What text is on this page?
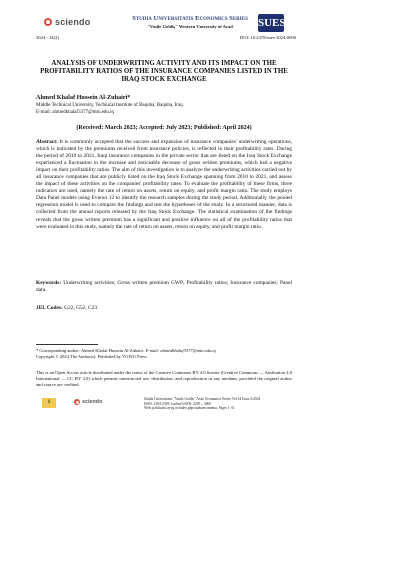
sciendo	Studia Universitatis Economics Series
"Vasile Goldiș" Western University of Arad	SUES
2024 - 34(2)	DOI: 10.2478/sues-2024-0006
ANALYSIS OF UNDERWRITING ACTIVITY AND ITS IMPACT ON THE PROFITABILITY RATIOS OF THE INSURANCE COMPANIES LISTED IN THE IRAQ STOCK EXCHANGE
Ahmed Khalaf Hussein Al-Zuhairi*
Middle Technical University, Technical Institute of Baquba, Baquba, Iraq.
E-mail: ahmedkhalaf3377@mtu.edu.iq
(Received: March 2023; Accepted: July 2023; Published: April 2024)
Abstract: It is commonly accepted that the success and expansion of insurance companies' underwriting operations, which is indicated by the premiums received from insurance policies, is reflected in their profitability rates. During the period of 2010 to 2021, Iraqi insurance companies in the private sector that are listed on the Iraq Stock Exchange experienced a fluctuation in the increase and noticeable decrease of gross written premiums, which had a negative impact on their profitability ratios. The aim of this investigation is to analyze the underwriting activities carried out by all insurance companies that are publicly listed on the Iraq Stock Exchange spanning from 2010 to 2021, and assess the impact of these activities on the companies' profitability rates. To evaluate the profitability of these firms, three indicators are used, namely the rate of return on assets, return on equity, and profit margin ratio. The study employs Data Panel models using Eviews 12 to identify the research samples during the study period. Additionally, the pooled regression model is used to compare the findings and test the hypotheses of the study. In a structured manner, data is collected from the annual reports released by the Iraq Stock Exchange. The statistical examination of the findings reveals that the gross written premium has a significant and positive influence on all of the profitability ratios that were evaluated in this study, namely the rate of return on assets, return on equity, and profit margin ratio.
Keywords: Underwriting activities; Gross written premium GWP; Profitability ratios; Insurance companies; Panel data.
JEL Codes: G22, G52, C23.
* Corresponding author: Ahmed Khalaf Hussein Al-Zuhairi. E-mail: ahmedkhalaf3377@mtu.edu.iq
Copyright © 2024 The Author(s). Published by VGWU Press
This is an Open Access article distributed under the terms of the Creative Commons BY 4.0 license (Creative Commons — Attribution 4.0 International — CC BY 4.0) which permits unrestricted use, distribution, and reproduction in any medium, provided the original author and source are credited.
1	sciendo	Studia Universitatis "Vasile Goldiș" Arad. Economics Series Vol 34 Issue 2/2024
ISSN: 1584-2339; (online) ISSN: 2285 – 3065
Web: publicatii.uvvg.ro/index.php/studiaeconomia. Pages 1-31
